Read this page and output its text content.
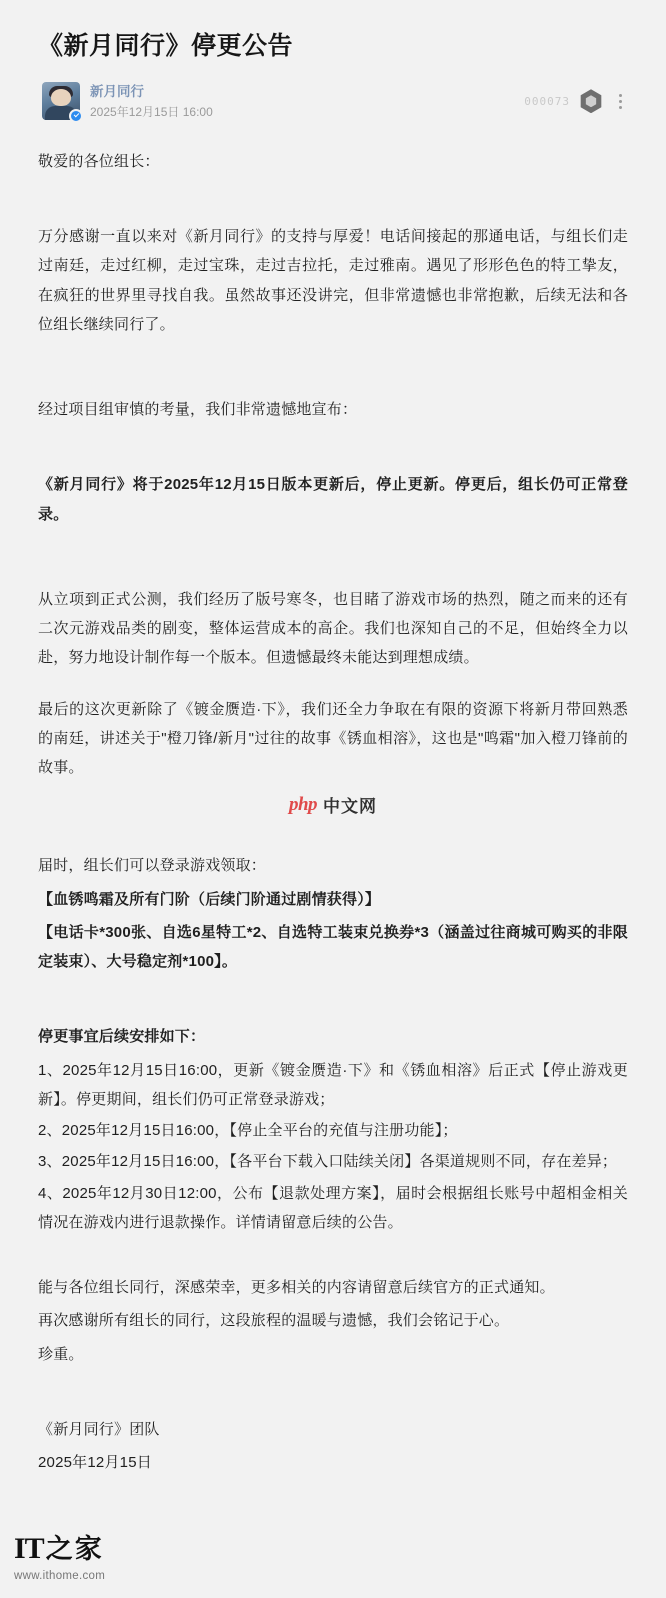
《新月同行》停更公告
新月同行
2025年12月15日 16:00
000073

敬爱的各位组长：

万分感谢一直以来对《新月同行》的支持与厚爱！电话间接起的那通电话，与组长们走过南廷，走过红柳，走过宝珠，走过吉拉托，走过雅南。遇见了形形色色的特工挚友，在疯狂的世界里寻找自我。虽然故事还没讲完，但非常遗憾也非常抱歉，后续无法和各位组长继续同行了。

经过项目组审慎的考量，我们非常遗憾地宣布：

《新月同行》将于2025年12月15日版本更新后，停止更新。停更后，组长仍可正常登录。

从立项到正式公测，我们经历了版号寒冬，也目睹了游戏市场的热烈，随之而来的还有二次元游戏品类的剧变，整体运营成本的高企。我们也深知自己的不足，但始终全力以赴，努力地设计制作每一个版本。但遗憾最终未能达到理想成绩。

最后的这次更新除了《镀金赝造·下》，我们还全力争取在有限的资源下将新月带回熟悉的南廷，讲述关于"橙刀锋/新月"过往的故事《锈血相溶》，这也是"鸣霜"加入橙刀锋前的故事。

php 中文网

届时，组长们可以登录游戏领取：

【血锈鸣霜及所有门阶（后续门阶通过剧情获得）】

【电话卡*300张、自选6星特工*2、自选特工装束兑换券*3（涵盖过往商城可购买的非限定装束）、大号稳定剂*100】。

停更事宜后续安排如下：

1、2025年12月15日16:00，更新《镀金赝造·下》和《锈血相溶》后正式【停止游戏更新】。停更期间，组长们仍可正常登录游戏；

2、2025年12月15日16:00，【停止全平台的充值与注册功能】；

3、2025年12月15日16:00，【各平台下载入口陆续关闭】各渠道规则不同，存在差异；

4、2025年12月30日12:00，公布【退款处理方案】，届时会根据组长账号中超相金相关情况在游戏内进行退款操作。详情请留意后续的公告。

能与各位组长同行，深感荣幸，更多相关的内容请留意后续官方的正式通知。

再次感谢所有组长的同行，这段旅程的温暖与遗憾，我们会铭记于心。

珍重。

《新月同行》团队

2025年12月15日

IT 之 家
www.ithome.com
